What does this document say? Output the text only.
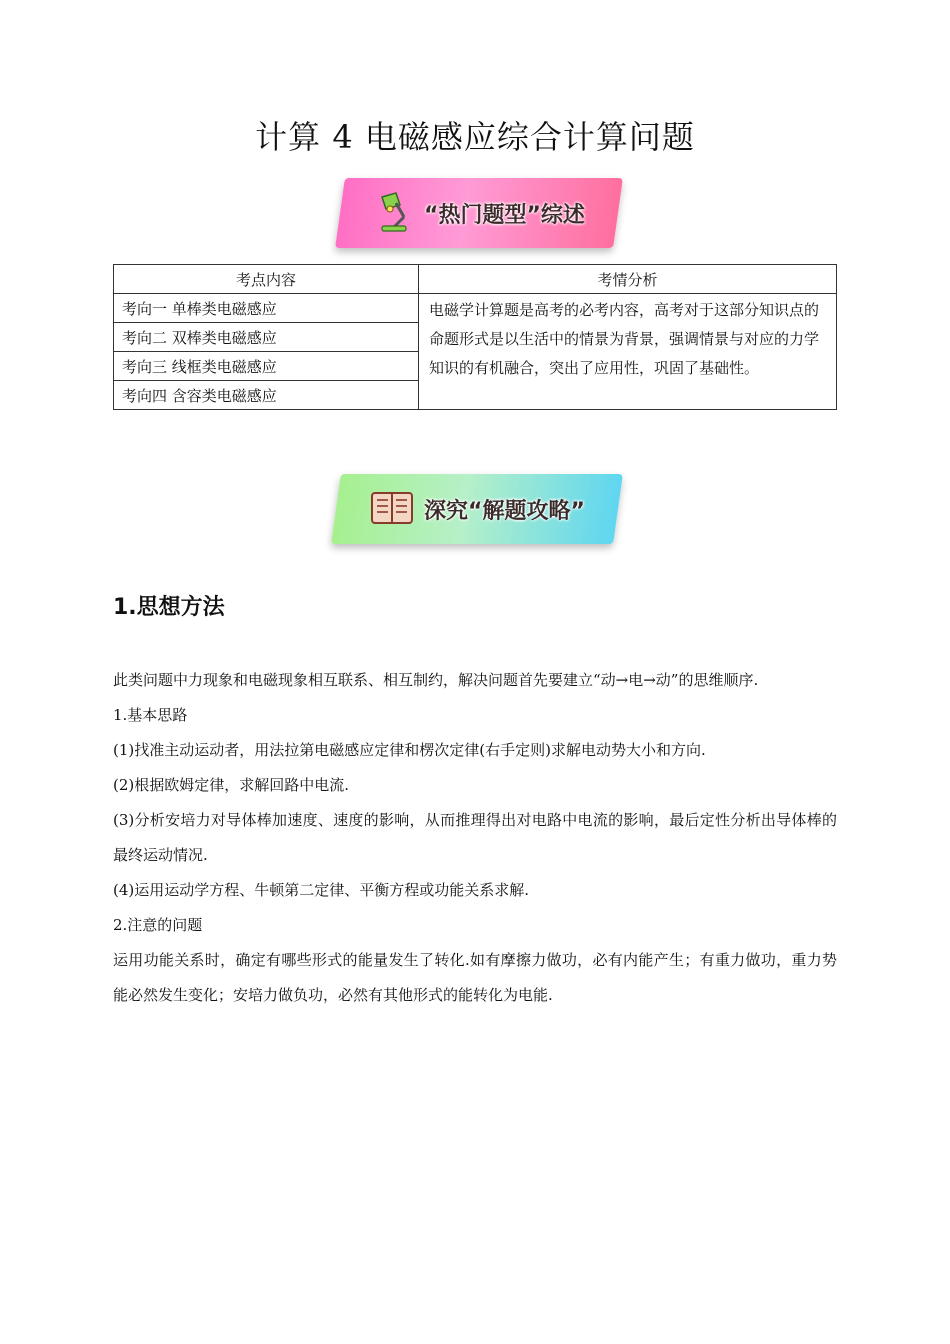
计算 4 电磁感应综合计算问题
“热门题型”综述
考点内容	考情分析
考向一 单棒类电磁感应	电磁学计算题是高考的必考内容，高考对于这部分知识点的命题形式是以生活中的情景为背景，强调情景与对应的力学知识的有机融合，突出了应用性，巩固了基础性。
考向二 双棒类电磁感应	
考向三 线框类电磁感应	
考向四 含容类电磁感应	
深究“解题攻略”
1.思想方法

此类问题中力现象和电磁现象相互联系、相互制约，解决问题首先要建立“动→电→动”的思维顺序.

1.基本思路

(1)找准主动运动者，用法拉第电磁感应定律和楞次定律(右手定则)求解电动势大小和方向.

(2)根据欧姆定律，求解回路中电流.

(3)分析安培力对导体棒加速度、速度的影响，从而推理得出对电路中电流的影响，最后定性分析出导体棒的最终运动情况.

(4)运用运动学方程、牛顿第二定律、平衡方程或功能关系求解.

2.注意的问题

运用功能关系时，确定有哪些形式的能量发生了转化.如有摩擦力做功，必有内能产生；有重力做功，重力势能必然发生变化；安培力做负功，必然有其他形式的能转化为电能.
